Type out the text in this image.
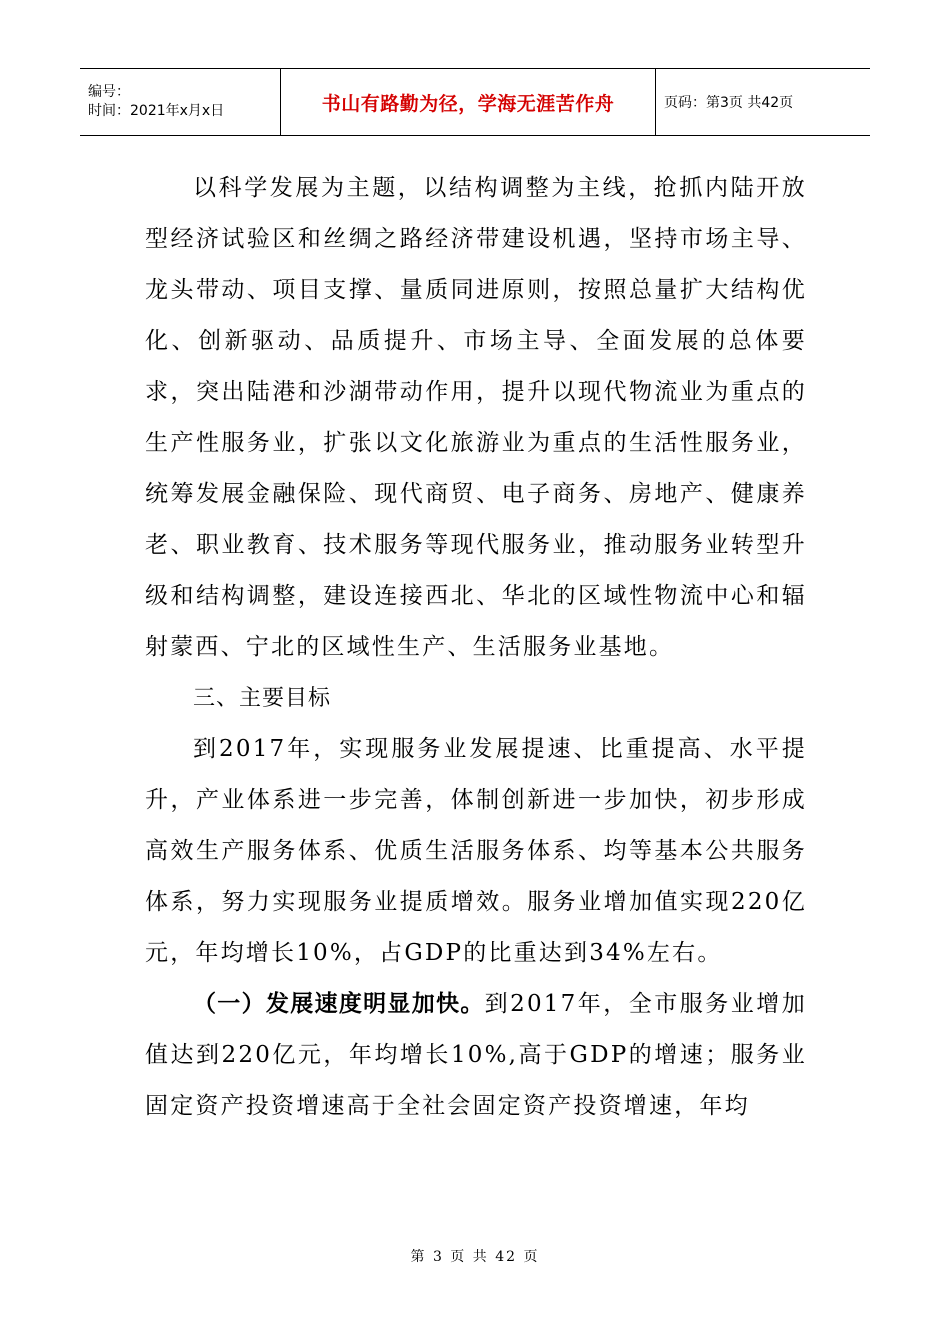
编号：
时间：2021年x月x日	书山有路勤为径，学海无涯苦作舟	页码：第3页 共42页

以科学发展为主题，以结构调整为主线，抢抓内陆开放型经济试验区和丝绸之路经济带建设机遇，坚持市场主导、龙头带动、项目支撑、量质同进原则，按照总量扩大结构优化、创新驱动、品质提升、市场主导、全面发展的总体要求，突出陆港和沙湖带动作用，提升以现代物流业为重点的生产性服务业，扩张以文化旅游业为重点的生活性服务业，统筹发展金融保险、现代商贸、电子商务、房地产、健康养老、职业教育、技术服务等现代服务业，推动服务业转型升级和结构调整，建设连接西北、华北的区域性物流中心和辐射蒙西、宁北的区域性生产、生活服务业基地。

三、主要目标

到2017年，实现服务业发展提速、比重提高、水平提升，产业体系进一步完善，体制创新进一步加快，初步形成高效生产服务体系、优质生活服务体系、均等基本公共服务体系，努力实现服务业提质增效。服务业增加值实现220亿元，年均增长10%，占GDP的比重达到34%左右。

（一）发展速度明显加快。到2017年，全市服务业增加值达到220亿元，年均增长10%,高于GDP的增速；服务业固定资产投资增速高于全社会固定资产投资增速，年均

第 3 页 共 42 页
